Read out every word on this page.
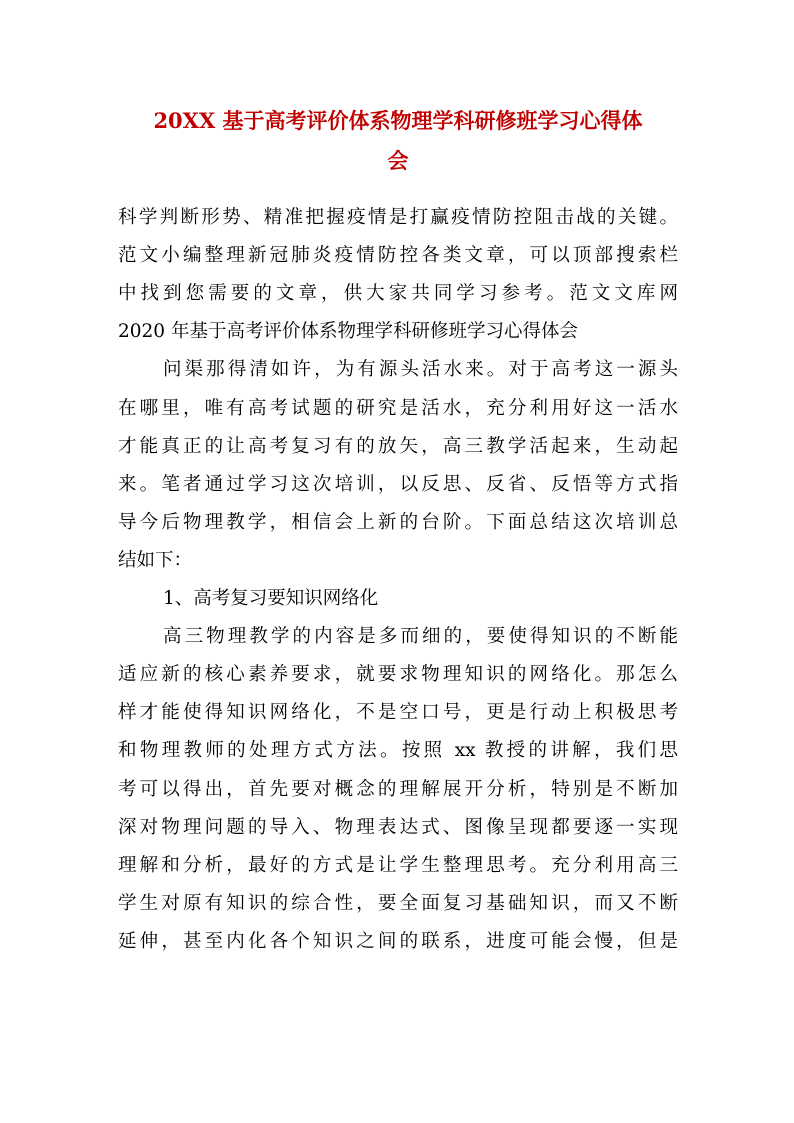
20XX 基于高考评价体系物理学科研修班学习心得体
会

科学判断形势、精准把握疫情是打赢疫情防控阻击战的关键。

范文小编整理新冠肺炎疫情防控各类文章，可以顶部搜索栏

中找到您需要的文章，供大家共同学习参考。范文文库网

2020 年基于高考评价体系物理学科研修班学习心得体会

问渠那得清如许，为有源头活水来。对于高考这一源头

在哪里，唯有高考试题的研究是活水，充分利用好这一活水

才能真正的让高考复习有的放矢，高三教学活起来，生动起

来。笔者通过学习这次培训，以反思、反省、反悟等方式指

导今后物理教学，相信会上新的台阶。下面总结这次培训总

结如下：

1、高考复习要知识网络化

高三物理教学的内容是多而细的，要使得知识的不断能

适应新的核心素养要求，就要求物理知识的网络化。那怎么

样才能使得知识网络化，不是空口号，更是行动上积极思考

和物理教师的处理方式方法。按照 xx 教授的讲解，我们思

考可以得出，首先要对概念的理解展开分析，特别是不断加

深对物理问题的导入、物理表达式、图像呈现都要逐一实现

理解和分析，最好的方式是让学生整理思考。充分利用高三

学生对原有知识的综合性，要全面复习基础知识，而又不断

延伸，甚至内化各个知识之间的联系，进度可能会慢，但是
